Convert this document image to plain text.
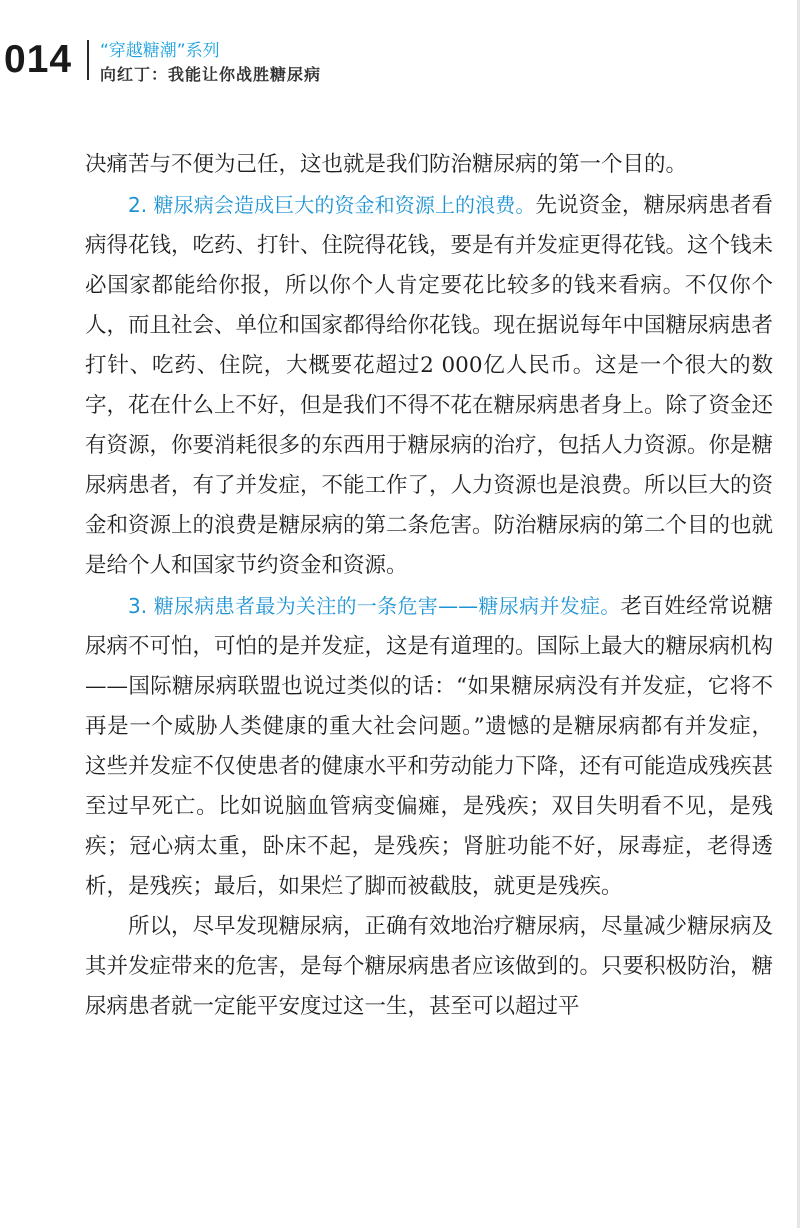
014 “穿越糖潮”系列
向红丁：我能让你战胜糖尿病

决痛苦与不便为己任，这也就是我们防治糖尿病的第一个目的。

2. 糖尿病会造成巨大的资金和资源上的浪费。先说资金，糖尿病患者看病得花钱，吃药、打针、住院得花钱，要是有并发症更得花钱。这个钱未必国家都能给你报，所以你个人肯定要花比较多的钱来看病。不仅你个人，而且社会、单位和国家都得给你花钱。现在据说每年中国糖尿病患者打针、吃药、住院，大概要花超过2 000亿人民币。这是一个很大的数字，花在什么上不好，但是我们不得不花在糖尿病患者身上。除了资金还有资源，你要消耗很多的东西用于糖尿病的治疗，包括人力资源。你是糖尿病患者，有了并发症，不能工作了，人力资源也是浪费。所以巨大的资金和资源上的浪费是糖尿病的第二条危害。防治糖尿病的第二个目的也就是给个人和国家节约资金和资源。

3. 糖尿病患者最为关注的一条危害——糖尿病并发症。老百姓经常说糖尿病不可怕，可怕的是并发症，这是有道理的。国际上最大的糖尿病机构——国际糖尿病联盟也说过类似的话：“如果糖尿病没有并发症，它将不再是一个威胁人类健康的重大社会问题。”遗憾的是糖尿病都有并发症，这些并发症不仅使患者的健康水平和劳动能力下降，还有可能造成残疾甚至过早死亡。比如说脑血管病变偏瘫，是残疾；双目失明看不见，是残疾；冠心病太重，卧床不起，是残疾；肾脏功能不好，尿毒症，老得透析，是残疾；最后，如果烂了脚而被截肢，就更是残疾。

所以，尽早发现糖尿病，正确有效地治疗糖尿病，尽量减少糖尿病及其并发症带来的危害，是每个糖尿病患者应该做到的。只要积极防治，糖尿病患者就一定能平安度过这一生，甚至可以超过平
